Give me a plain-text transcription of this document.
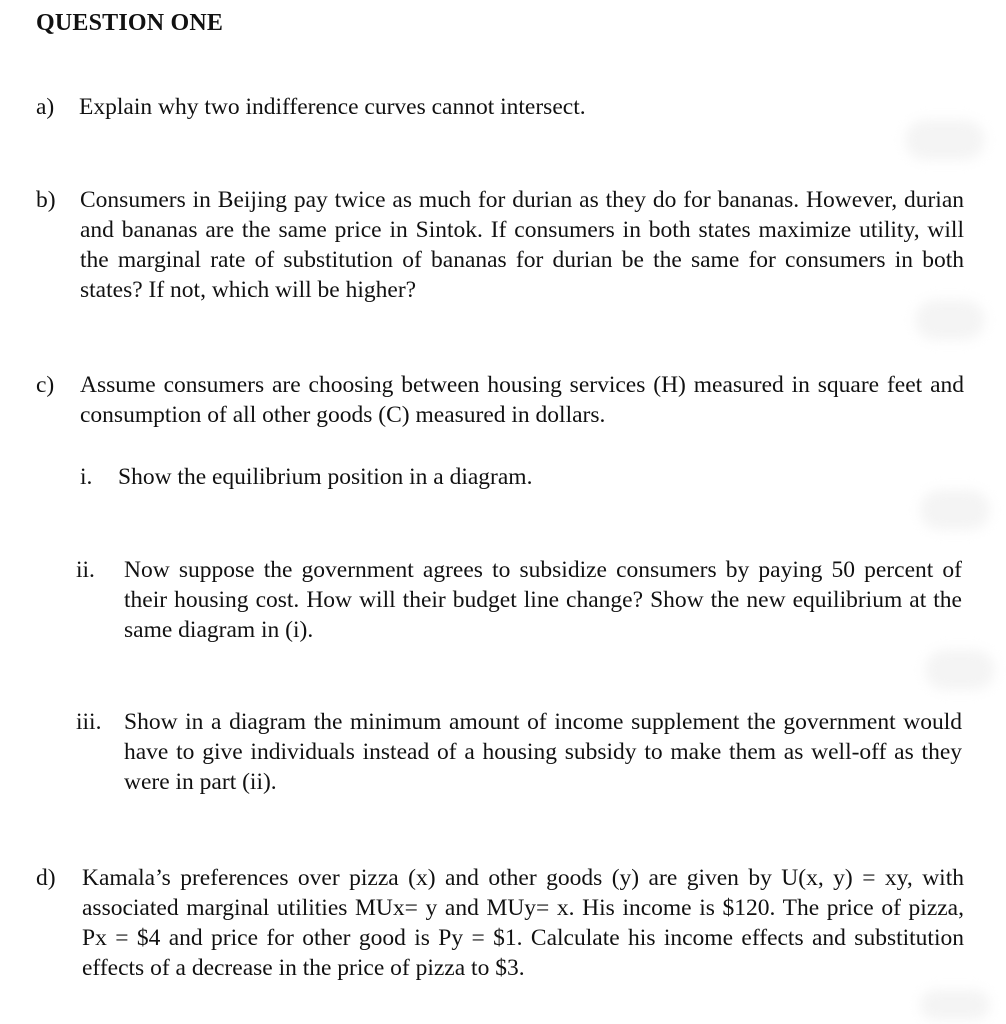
QUESTION ONE
a) Explain why two indifference curves cannot intersect.
b) Consumers in Beijing pay twice as much for durian as they do for bananas. However, durian and bananas are the same price in Sintok. If consumers in both states maximize utility, will the marginal rate of substitution of bananas for durian be the same for consumers in both states? If not, which will be higher?
c) Assume consumers are choosing between housing services (H) measured in square feet and consumption of all other goods (C) measured in dollars.
i. Show the equilibrium position in a diagram.
ii. Now suppose the government agrees to subsidize consumers by paying 50 percent of their housing cost. How will their budget line change? Show the new equilibrium at the same diagram in (i).
iii. Show in a diagram the minimum amount of income supplement the government would have to give individuals instead of a housing subsidy to make them as well-off as they were in part (ii).
d) Kamala’s preferences over pizza (x) and other goods (y) are given by U(x, y) = xy, with associated marginal utilities MUx= y and MUy= x. His income is $120. The price of pizza, Px = $4 and price for other good is Py = $1. Calculate his income effects and substitution effects of a decrease in the price of pizza to $3.
